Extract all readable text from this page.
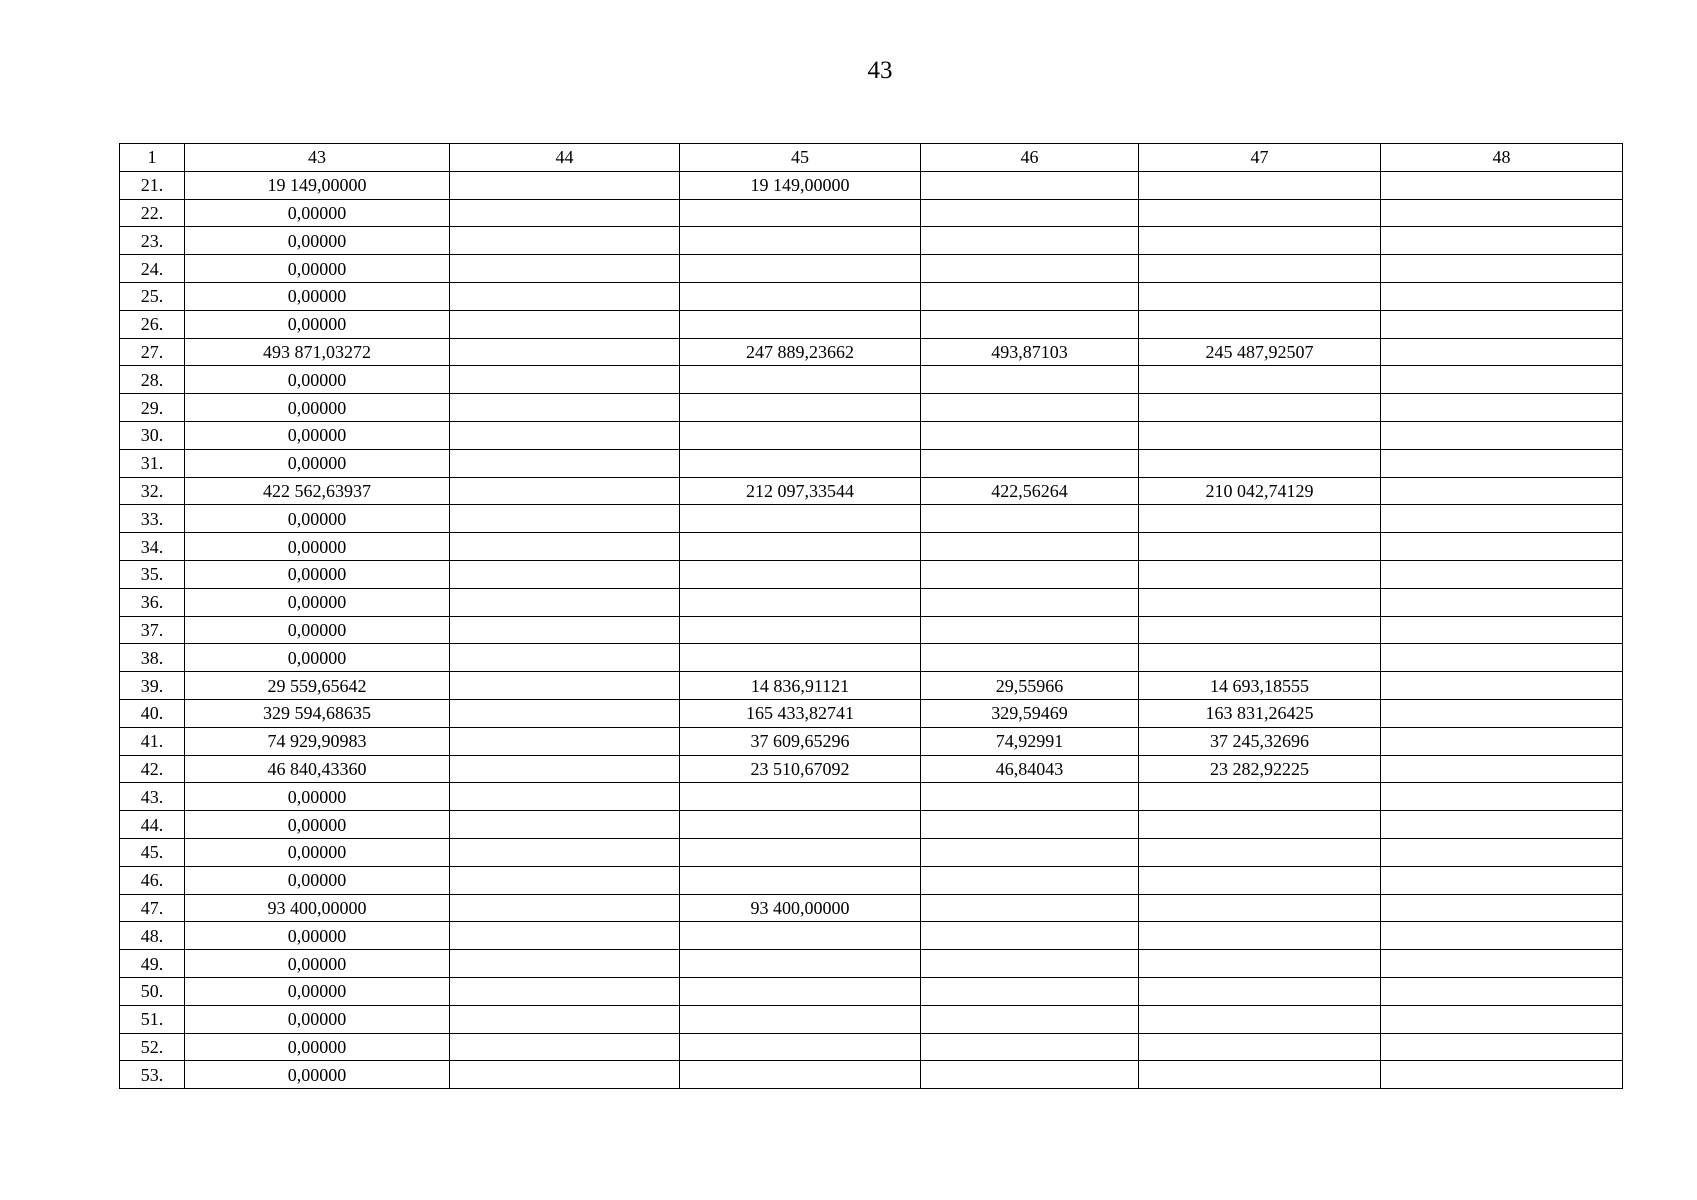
43
1	43	44	45	46	47	48
21.	19 149,00000		19 149,00000			
22.	0,00000					
23.	0,00000					
24.	0,00000					
25.	0,00000					
26.	0,00000					
27.	493 871,03272		247 889,23662	493,87103	245 487,92507	
28.	0,00000					
29.	0,00000					
30.	0,00000					
31.	0,00000					
32.	422 562,63937		212 097,33544	422,56264	210 042,74129	
33.	0,00000					
34.	0,00000					
35.	0,00000					
36.	0,00000					
37.	0,00000					
38.	0,00000					
39.	29 559,65642		14 836,91121	29,55966	14 693,18555	
40.	329 594,68635		165 433,82741	329,59469	163 831,26425	
41.	74 929,90983		37 609,65296	74,92991	37 245,32696	
42.	46 840,43360		23 510,67092	46,84043	23 282,92225	
43.	0,00000					
44.	0,00000					
45.	0,00000					
46.	0,00000					
47.	93 400,00000		93 400,00000			
48.	0,00000					
49.	0,00000					
50.	0,00000					
51.	0,00000					
52.	0,00000					
53.	0,00000					
